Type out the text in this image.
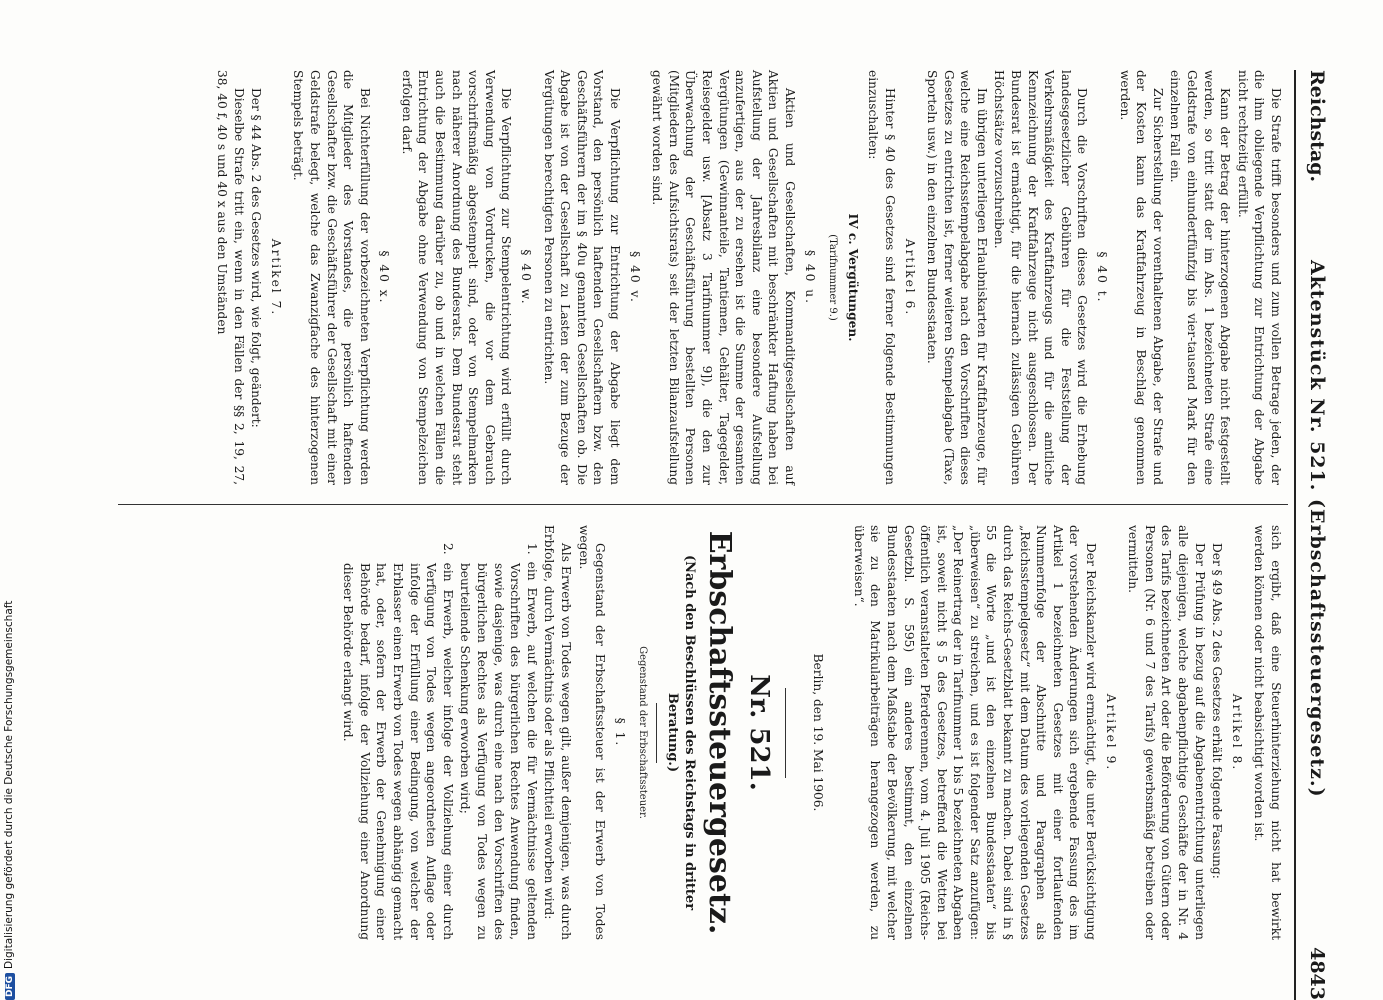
Reichstag.
Aktenstück Nr. 521. (Erbschaftssteuergesetz.)
4843

Die Strafe trifft besonders und zum vollen Betrage jeden, der die ihm obliegende Verpflichtung zur Entrichtung der Abgabe nicht rechtzeitig erfüllt.

Kann der Betrag der hinterzogenen Abgabe nicht festgestellt werden, so tritt statt der im Abs. 1 bezeichneten Strafe eine Geldstrafe von einhundertfünfzig bis vier-tausend Mark für den einzelnen Fall ein.

Zur Sicherstellung der vorenthaltenen Abgabe, der Strafe und der Kosten kann das Kraftfahrzeug in Beschlag genommen werden.

§ 40 t.

Durch die Vorschriften dieses Gesetzes wird die Erhebung landesgesetzlicher Gebühren für die Feststellung der Verkehrsmäßigkeit des Kraftfahrzeugs und für die amtliche Kennzeichnung der Kraftfahrzeuge nicht ausgeschlossen. Der Bundesrat ist ermächtigt, für die hiernach zulässigen Gebühren Höchstsätze vorzuschreiben.

Im übrigen unterliegen Erlaubniskarten für Kraftfahrzeuge, für welche eine Reichsstempelabgabe nach den Vorschriften dieses Gesetzes zu entrichten ist, ferner weiteren Stempelabgabe (Taxe, Sporteln usw.) in den einzelnen Bundesstaaten.

Artikel 6.

Hinter § 40 des Gesetzes sind ferner folgende Bestimmungen einzuschalten:

IV c. Vergütungen.
(Tarifnummer 9.)
§ 40 u.

Aktien und Gesellschaften, Kommanditgesellschaften auf Aktien und Gesellschaften mit beschränkter Haftung haben bei Aufstellung der Jahresbilanz eine besondere Aufstellung anzufertigen, aus der zu ersehen ist die Summe der gesamten Vergütungen (Gewinnanteile, Tantiemen, Gehälter, Tagegelder, Reisegelder usw. [Absatz 3 Tarifnummer 9]), die den zur Überwachung der Geschäftsführung bestellten Personen (Mitgliedern des Aufsichtsrats) seit der letzten Bilanzaufstellung gewährt worden sind.

§ 40 v.

Die Verpflichtung zur Entrichtung der Abgabe liegt dem Vorstand, den persönlich haftenden Gesellschaftern bzw. den Geschäftsführern der im § 40u genannten Gesellschaften ob. Die Abgabe ist von der Gesellschaft zu Lasten der zum Bezuge der Vergütungen berechtigten Personen zu entrichten.

§ 40 w.

Die Verpflichtung zur Stempelentrichtung wird erfüllt durch Verwendung von Vordrucken, die vor dem Gebrauch vorschriftsmäßig abgestempelt sind, oder von Stempelmarken nach näherer Anordnung des Bundesrats. Dem Bundesrat steht auch die Bestimmung darüber zu, ob und in welchen Fällen die Entrichtung der Abgabe ohne Verwendung von Stempelzeichen erfolgen darf.

§ 40 x.

Bei Nichterfüllung der vorbezeichneten Verpflichtung werden die Mitglieder des Vorstandes, die persönlich haftenden Gesellschafter bzw. die Geschäftsführer der Gesellschaft mit einer Geldstrafe belegt, welche das Zwanzigfache des hinterzogenen Stempels beträgt.

Artikel 7.

Der § 44 Abs. 2 des Gesetzes wird, wie folgt, geändert:

Dieselbe Strafe tritt ein, wenn in den Fällen der §§ 2, 19, 27, 38, 40 f, 40 s und 40 x aus den Umständen

sich ergibt, daß eine Steuerhinterziehung nicht hat bewirkt werden können oder nicht beabsichtigt worden ist.

Artikel 8.

Der § 49 Abs. 2 des Gesetzes erhält folgende Fassung:

Der Prüfung in bezug auf die Abgabenentrichtung unterliegen alle diejenigen, welche abgabenpflichtige Geschäfte der in Nr. 4 des Tarifs bezeichneten Art oder die Beförderung von Gütern oder Personen (Nr. 6 und 7 des Tarifs) gewerbsmäßig betreiben oder vermitteln.

Artikel 9.

Der Reichskanzler wird ermächtigt, die unter Berücksichtigung der vorstehenden Änderungen sich ergebende Fassung des im Artikel 1 bezeichneten Gesetzes mit einer fortlaufenden Nummernfolge der Abschnitte und Paragraphen als „Reichsstempelgesetz“ mit dem Datum des vorliegenden Gesetzes durch das Reichs-Gesetzblatt bekannt zu machen. Dabei sind in § 55 die Worte „und ist den einzelnen Bundesstaaten“ bis „überweisen“ zu streichen, und es ist folgender Satz anzufügen: „Der Reinertrag der in Tarifnummer 1 bis 5 bezeichneten Abgaben ist, soweit nicht § 5 des Gesetzes, betreffend die Wetten bei öffentlich veranstalteten Pferderennen, vom 4. Juli 1905 (Reichs-Gesetzbl. S. 595) ein anderes bestimmt, den einzelnen Bundesstaaten nach dem Maßstabe der Bevölkerung, mit welcher sie zu den Matrikularbeiträgen herangezogen werden, zu überweisen“.

Berlin, den 19. Mai 1906.
Nr. 521.
Erbschaftssteuergesetz.
(Nach den Beschlüssen des Reichstags in dritter Beratung.)
Gegenstand der Erbschaftssteuer.
§ 1.

Gegenstand der Erbschaftssteuer ist der Erwerb von Todes wegen.

Als Erwerb von Todes wegen gilt, außer demjenigen, was durch Erbfolge, durch Vermächtnis oder als Pflichtteil erworben wird:

1. ein Erwerb, auf welchen die für Vermächtnisse geltenden Vorschriften des bürgerlichen Rechtes Anwendung finden, sowie dasjenige, was durch eine nach den Vorschriften des bürgerlichen Rechtes als Verfügung von Todes wegen zu beurteilende Schenkung erworben wird;

2. ein Erwerb, welcher infolge der Vollziehung einer durch Verfügung von Todes wegen angeordneten Auflage oder infolge der Erfüllung einer Bedingung, von welcher der Erblasser einen Erwerb von Todes wegen abhängig gemacht hat, oder, sofern der Erwerb der Genehmigung einer Behörde bedarf, infolge der Vollziehung einer Anordnung dieser Behörde erlangt wird.

DFGDigitalisierung gefördert durch die Deutsche Forschungsgemeinschaft
